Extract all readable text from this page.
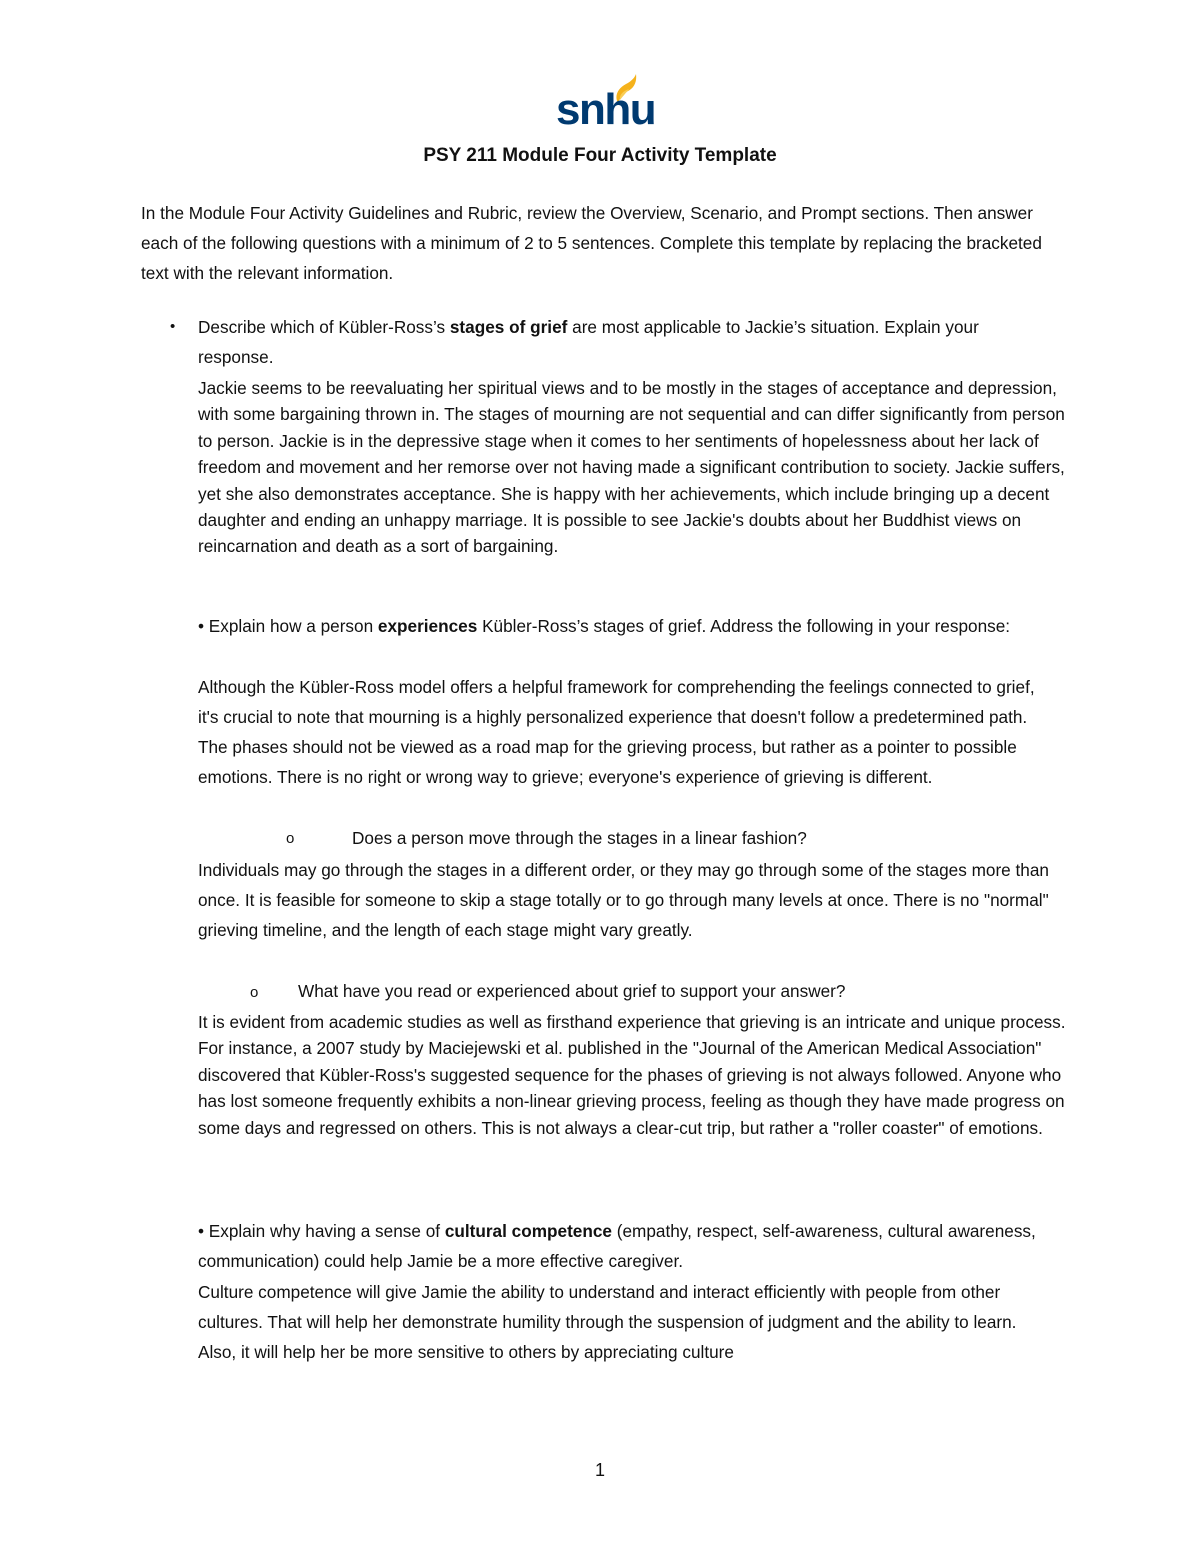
snhu
PSY 211 Module Four Activity Template

In the Module Four Activity Guidelines and Rubric, review the Overview, Scenario, and Prompt sections. Then answer each of the following questions with a minimum of 2 to 5 sentences. Complete this template by replacing the bracketed text with the relevant information.

• Describe which of Kübler-Ross’s stages of grief are most applicable to Jackie’s situation. Explain your response.

Jackie seems to be reevaluating her spiritual views and to be mostly in the stages of acceptance and depression, with some bargaining thrown in. The stages of mourning are not sequential and can differ significantly from person to person. Jackie is in the depressive stage when it comes to her sentiments of hopelessness about her lack of freedom and movement and her remorse over not having made a significant contribution to society. Jackie suffers, yet she also demonstrates acceptance. She is happy with her achievements, which include bringing up a decent daughter and ending an unhappy marriage. It is possible to see Jackie's doubts about her Buddhist views on reincarnation and death as a sort of bargaining.

• Explain how a person experiences Kübler-Ross’s stages of grief. Address the following in your response:

Although the Kübler-Ross model offers a helpful framework for comprehending the feelings connected to grief, it's crucial to note that mourning is a highly personalized experience that doesn't follow a predetermined path. The phases should not be viewed as a road map for the grieving process, but rather as a pointer to possible emotions. There is no right or wrong way to grieve; everyone's experience of grieving is different.

o	Does a person move through the stages in a linear fashion?

Individuals may go through the stages in a different order, or they may go through some of the stages more than once. It is feasible for someone to skip a stage totally or to go through many levels at once. There is no "normal" grieving timeline, and the length of each stage might vary greatly.

o What have you read or experienced about grief to support your answer?

It is evident from academic studies as well as firsthand experience that grieving is an intricate and unique process. For instance, a 2007 study by Maciejewski et al. published in the "Journal of the American Medical Association" discovered that Kübler-Ross's suggested sequence for the phases of grieving is not always followed. Anyone who has lost someone frequently exhibits a non-linear grieving process, feeling as though they have made progress on some days and regressed on others. This is not always a clear-cut trip, but rather a "roller coaster" of emotions.

• Explain why having a sense of cultural competence (empathy, respect, self-awareness, cultural awareness, communication) could help Jamie be a more effective caregiver.

Culture competence will give Jamie the ability to understand and interact efficiently with people from other cultures. That will help her demonstrate humility through the suspension of judgment and the ability to learn. Also, it will help her be more sensitive to others by appreciating culture

1
